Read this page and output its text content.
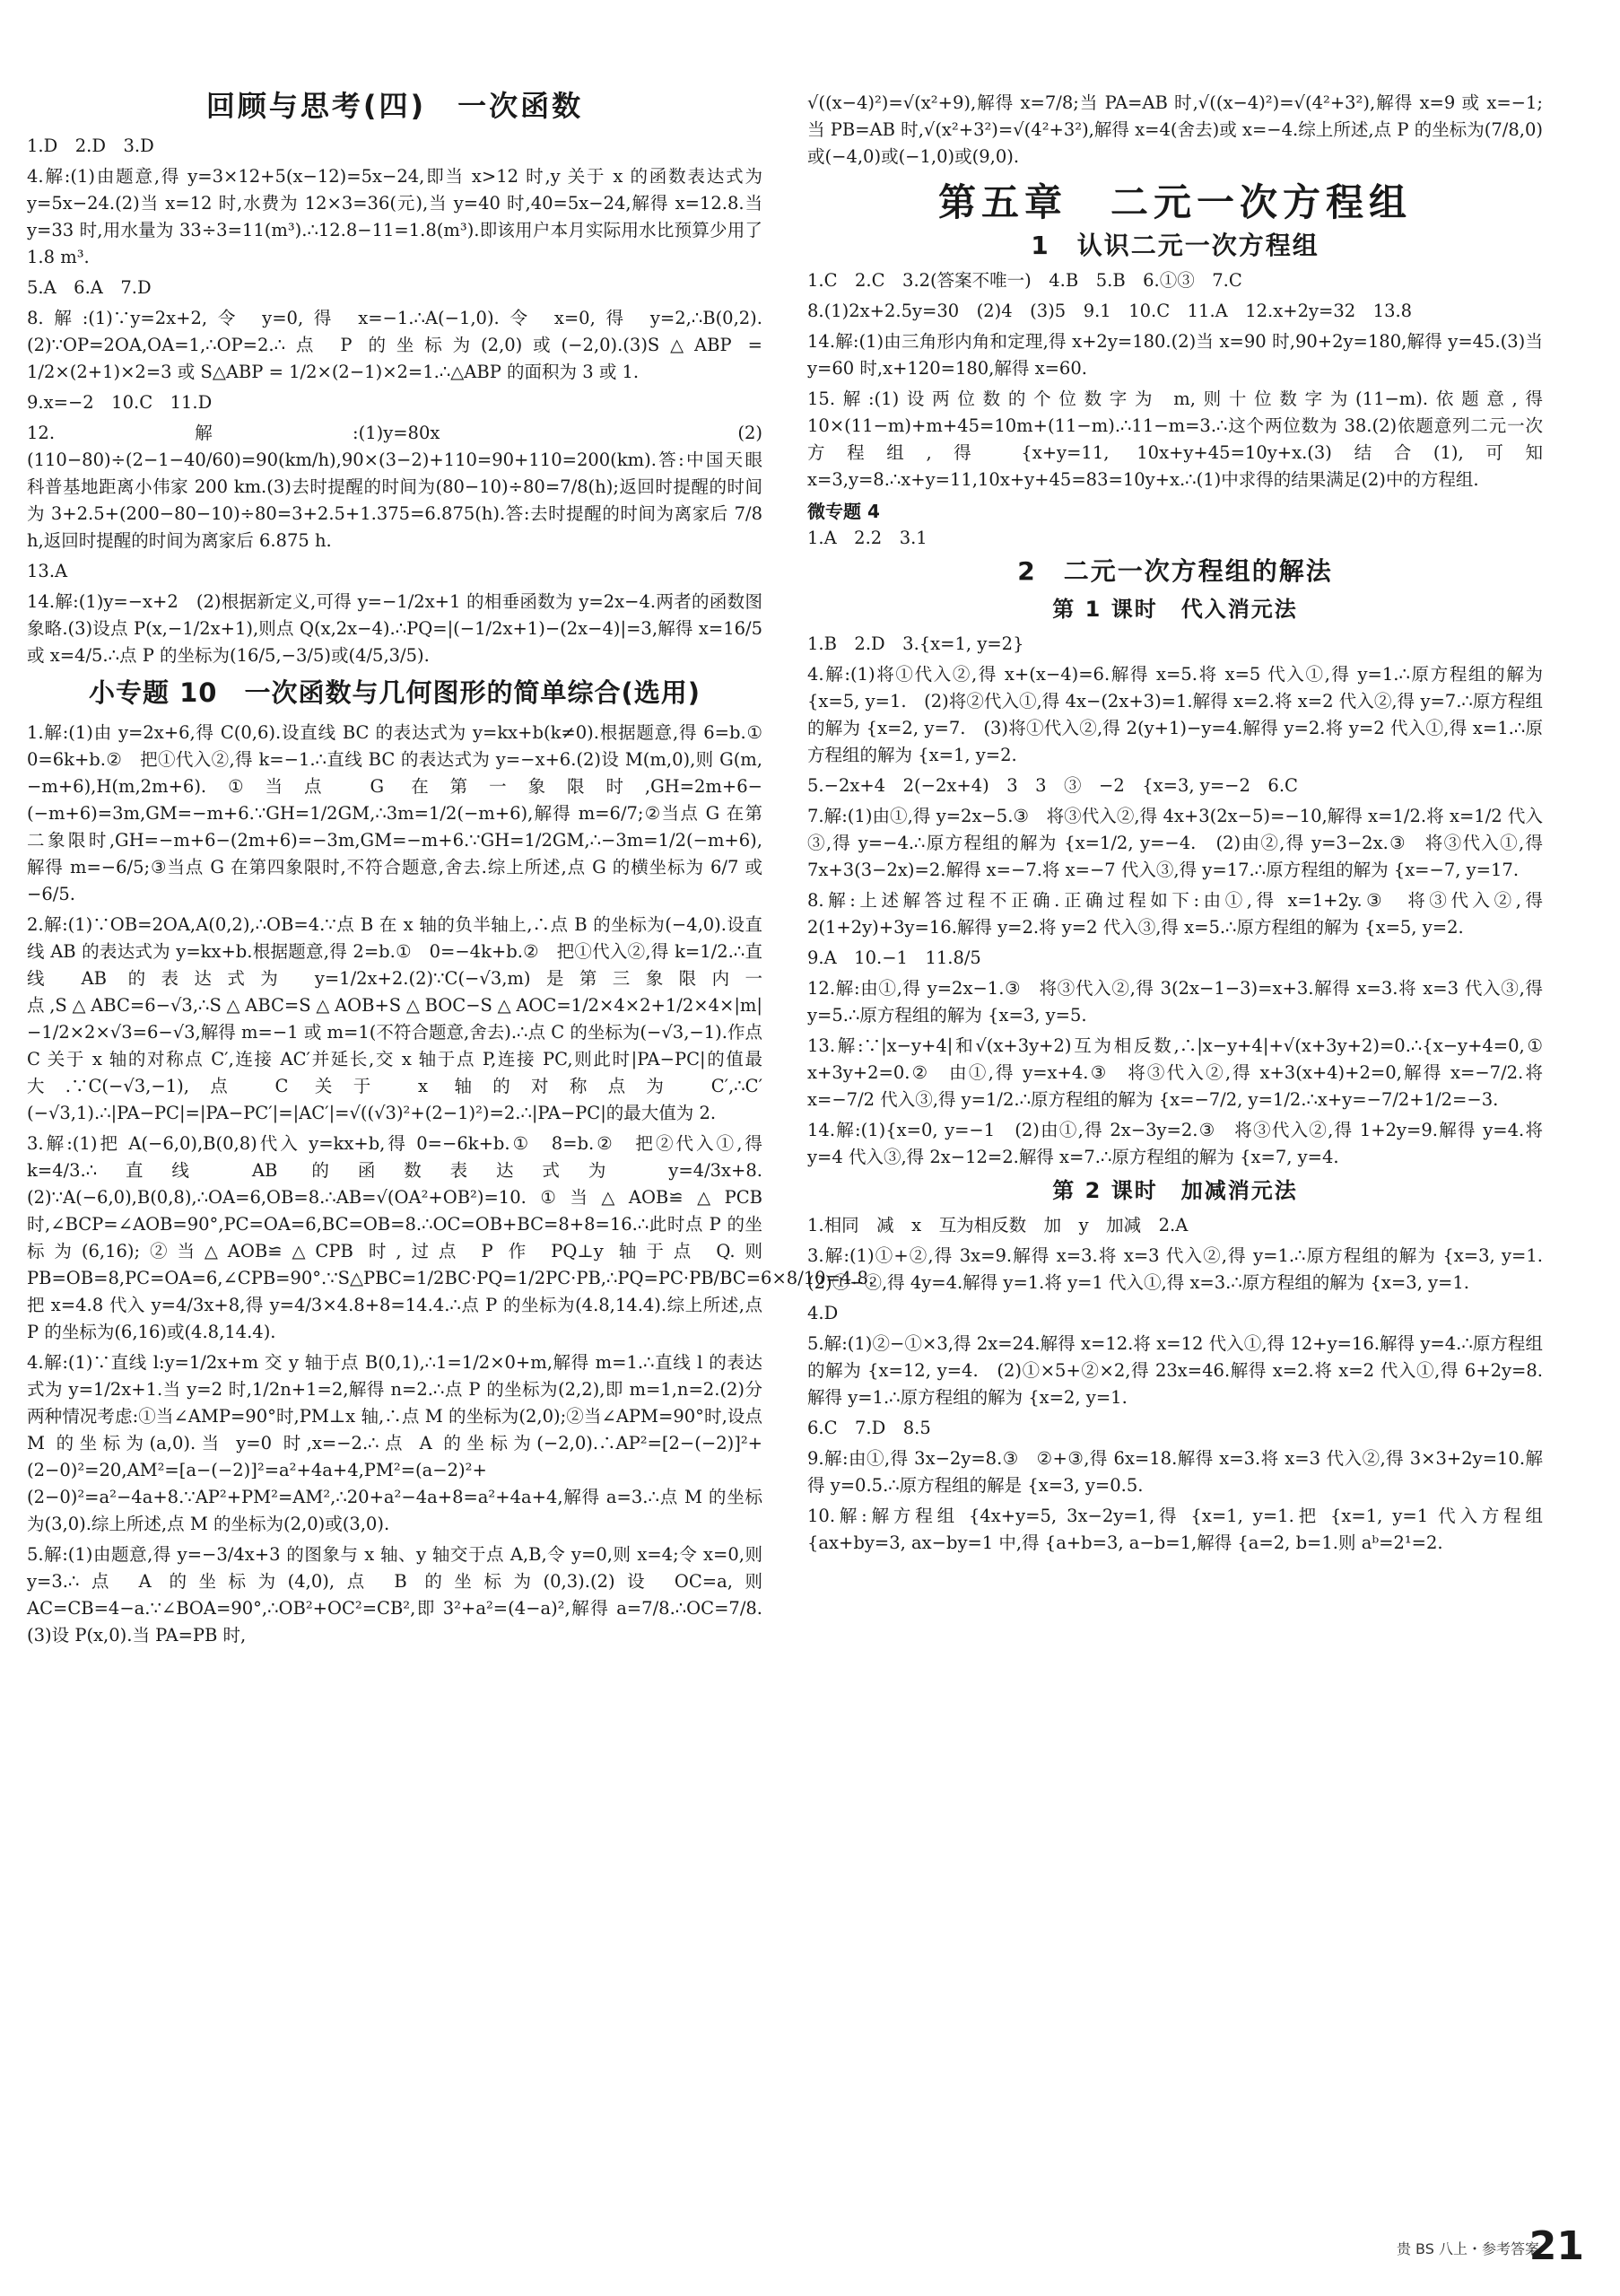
回顾与思考(四)　一次函数
1.D　2.D　3.D
4.解:(1)由题意,得 y=3×12+5(x−12)=5x−24,即当 x>12 时,y 关于 x 的函数表达式为 y=5x−24.(2)当 x=12 时,水费为 12×3=36(元),当 y=40 时,40=5x−24,解得 x=12.8.当 y=33 时,用水量为 33÷3=11(m³).∴12.8−11=1.8(m³).即该用户本月实际用水比预算少用了 1.8 m³.
5.A　6.A　7.D
8.解:(1)∵y=2x+2,令 y=0,得 x=−1.∴A(−1,0).令 x=0,得 y=2,∴B(0,2).(2)∵OP=2OA,OA=1,∴OP=2.∴点 P 的坐标为(2,0)或(−2,0).(3)S△ABP = 1/2×(2+1)×2=3 或 S△ABP = 1/2×(2−1)×2=1.∴△ABP 的面积为 3 或 1.
9.x=−2　10.C　11.D
12.解:(1)y=80x　(2)(110−80)÷(2−1−40/60)=90(km/h),90×(3−2)+110=90+110=200(km).答:中国天眼科普基地距离小伟家 200 km.(3)去时提醒的时间为(80−10)÷80=7/8(h);返回时提醒的时间为 3+2.5+(200−80−10)÷80=3+2.5+1.375=6.875(h).答:去时提醒的时间为离家后 7/8 h,返回时提醒的时间为离家后 6.875 h.
13.A
14.解:(1)y=−x+2　(2)根据新定义,可得 y=−1/2x+1 的相垂函数为 y=2x−4.两者的函数图象略.(3)设点 P(x,−1/2x+1),则点 Q(x,2x−4).∴PQ=|(−1/2x+1)−(2x−4)|=3,解得 x=16/5 或 x=4/5.∴点 P 的坐标为(16/5,−3/5)或(4/5,3/5).
小专题 10　一次函数与几何图形的简单综合(选用)
1.解:(1)由 y=2x+6,得 C(0,6).设直线 BC 的表达式为 y=kx+b(k≠0).根据题意,得 6=b.①　0=6k+b.②　把①代入②,得 k=−1.∴直线 BC 的表达式为 y=−x+6.(2)设 M(m,0),则 G(m,−m+6),H(m,2m+6).①当点 G 在第一象限时,GH=2m+6−(−m+6)=3m,GM=−m+6.∵GH=1/2GM,∴3m=1/2(−m+6),解得 m=6/7;②当点 G 在第二象限时,GH=−m+6−(2m+6)=−3m,GM=−m+6.∵GH=1/2GM,∴−3m=1/2(−m+6),解得 m=−6/5;③当点 G 在第四象限时,不符合题意,舍去.综上所述,点 G 的横坐标为 6/7 或 −6/5.
2.解:(1)∵OB=2OA,A(0,2),∴OB=4.∵点 B 在 x 轴的负半轴上,∴点 B 的坐标为(−4,0).设直线 AB 的表达式为 y=kx+b.根据题意,得 2=b.①　0=−4k+b.②　把①代入②,得 k=1/2.∴直线 AB 的表达式为 y=1/2x+2.(2)∵C(−√3,m)是第三象限内一点,S△ABC=6−√3,∴S△ABC=S△AOB+S△BOC−S△AOC=1/2×4×2+1/2×4×|m|−1/2×2×√3=6−√3,解得 m=−1 或 m=1(不符合题意,舍去).∴点 C 的坐标为(−√3,−1).作点 C 关于 x 轴的对称点 C′,连接 AC′并延长,交 x 轴于点 P,连接 PC,则此时|PA−PC|的值最大.∵C(−√3,−1),点 C 关于 x 轴的对称点为 C′,∴C′(−√3,1).∴|PA−PC|=|PA−PC′|=|AC′|=√((√3)²+(2−1)²)=2.∴|PA−PC|的最大值为 2.
3.解:(1)把 A(−6,0),B(0,8)代入 y=kx+b,得 0=−6k+b.①　8=b.②　把②代入①,得 k=4/3.∴直线 AB 的函数表达式为 y=4/3x+8.(2)∵A(−6,0),B(0,8),∴OA=6,OB=8.∴AB=√(OA²+OB²)=10.①当△AOB≌△PCB 时,∠BCP=∠AOB=90°,PC=OA=6,BC=OB=8.∴OC=OB+BC=8+8=16.∴此时点 P 的坐标为(6,16);②当△AOB≌△CPB 时,过点 P 作 PQ⊥y 轴于点 Q.则 PB=OB=8,PC=OA=6,∠CPB=90°.∵S△PBC=1/2BC·PQ=1/2PC·PB,∴PQ=PC·PB/BC=6×8/10=4.8.把 x=4.8 代入 y=4/3x+8,得 y=4/3×4.8+8=14.4.∴点 P 的坐标为(4.8,14.4).综上所述,点 P 的坐标为(6,16)或(4.8,14.4).
4.解:(1)∵直线 l:y=1/2x+m 交 y 轴于点 B(0,1),∴1=1/2×0+m,解得 m=1.∴直线 l 的表达式为 y=1/2x+1.当 y=2 时,1/2n+1=2,解得 n=2.∴点 P 的坐标为(2,2),即 m=1,n=2.(2)分两种情况考虑:①当∠AMP=90°时,PM⊥x 轴,∴点 M 的坐标为(2,0);②当∠APM=90°时,设点 M 的坐标为(a,0).当 y=0 时,x=−2.∴点 A 的坐标为(−2,0).∴AP²=[2−(−2)]²+(2−0)²=20,AM²=[a−(−2)]²=a²+4a+4,PM²=(a−2)²+(2−0)²=a²−4a+8.∵AP²+PM²=AM²,∴20+a²−4a+8=a²+4a+4,解得 a=3.∴点 M 的坐标为(3,0).综上所述,点 M 的坐标为(2,0)或(3,0).
5.解:(1)由题意,得 y=−3/4x+3 的图象与 x 轴、y 轴交于点 A,B,令 y=0,则 x=4;令 x=0,则 y=3.∴点 A 的坐标为(4,0),点 B 的坐标为(0,3).(2)设 OC=a,则 AC=CB=4−a.∵∠BOA=90°,∴OB²+OC²=CB²,即 3²+a²=(4−a)²,解得 a=7/8.∴OC=7/8.(3)设 P(x,0).当 PA=PB 时,
√((x−4)²)=√(x²+9),解得 x=7/8;当 PA=AB 时,√((x−4)²)=√(4²+3²),解得 x=9 或 x=−1;当 PB=AB 时,√(x²+3²)=√(4²+3²),解得 x=4(舍去)或 x=−4.综上所述,点 P 的坐标为(7/8,0)或(−4,0)或(−1,0)或(9,0).
第五章　二元一次方程组
1　认识二元一次方程组
1.C　2.C　3.2(答案不唯一)　4.B　5.B　6.①③　7.C
8.(1)2x+2.5y=30　(2)4　(3)5　9.1　10.C　11.A　12.x+2y=32　13.8
14.解:(1)由三角形内角和定理,得 x+2y=180.(2)当 x=90 时,90+2y=180,解得 y=45.(3)当 y=60 时,x+120=180,解得 x=60.
15.解:(1)设两位数的个位数字为 m,则十位数字为(11−m).依题意,得 10×(11−m)+m+45=10m+(11−m).∴11−m=3.∴这个两位数为 38.(2)依题意列二元一次方程组,得 {x+y=11, 10x+y+45=10y+x.(3)结合(1),可知 x=3,y=8.∴x+y=11,10x+y+45=83=10y+x.∴(1)中求得的结果满足(2)中的方程组.
微专题 4
1.A　2.2　3.1
2　二元一次方程组的解法
第 1 课时　代入消元法
1.B　2.D　3.{x=1, y=2}
4.解:(1)将①代入②,得 x+(x−4)=6.解得 x=5.将 x=5 代入①,得 y=1.∴原方程组的解为 {x=5, y=1.　(2)将②代入①,得 4x−(2x+3)=1.解得 x=2.将 x=2 代入②,得 y=7.∴原方程组的解为 {x=2, y=7.　(3)将①代入②,得 2(y+1)−y=4.解得 y=2.将 y=2 代入①,得 x=1.∴原方程组的解为 {x=1, y=2.
5.−2x+4　2(−2x+4)　3　3　③　−2　{x=3, y=−2　6.C
7.解:(1)由①,得 y=2x−5.③　将③代入②,得 4x+3(2x−5)=−10,解得 x=1/2.将 x=1/2 代入③,得 y=−4.∴原方程组的解为 {x=1/2, y=−4.　(2)由②,得 y=3−2x.③　将③代入①,得 7x+3(3−2x)=2.解得 x=−7.将 x=−7 代入③,得 y=17.∴原方程组的解为 {x=−7, y=17.
8.解:上述解答过程不正确.正确过程如下:由①,得 x=1+2y.③　将③代入②,得 2(1+2y)+3y=16.解得 y=2.将 y=2 代入③,得 x=5.∴原方程组的解为 {x=5, y=2.
9.A　10.−1　11.8/5
12.解:由①,得 y=2x−1.③　将③代入②,得 3(2x−1−3)=x+3.解得 x=3.将 x=3 代入③,得 y=5.∴原方程组的解为 {x=3, y=5.
13.解:∵|x−y+4|和√(x+3y+2)互为相反数,∴|x−y+4|+√(x+3y+2)=0.∴{x−y+4=0,① x+3y+2=0.②　由①,得 y=x+4.③　将③代入②,得 x+3(x+4)+2=0,解得 x=−7/2.将 x=−7/2 代入③,得 y=1/2.∴原方程组的解为 {x=−7/2, y=1/2.∴x+y=−7/2+1/2=−3.
14.解:(1){x=0, y=−1　(2)由①,得 2x−3y=2.③　将③代入②,得 1+2y=9.解得 y=4.将 y=4 代入③,得 2x−12=2.解得 x=7.∴原方程组的解为 {x=7, y=4.
第 2 课时　加减消元法
1.相同　减　x　互为相反数　加　y　加减　2.A
3.解:(1)①+②,得 3x=9.解得 x=3.将 x=3 代入②,得 y=1.∴原方程组的解为 {x=3, y=1.　(2)①−②,得 4y=4.解得 y=1.将 y=1 代入①,得 x=3.∴原方程组的解为 {x=3, y=1.
4.D
5.解:(1)②−①×3,得 2x=24.解得 x=12.将 x=12 代入①,得 12+y=16.解得 y=4.∴原方程组的解为 {x=12, y=4.　(2)①×5+②×2,得 23x=46.解得 x=2.将 x=2 代入①,得 6+2y=8.解得 y=1.∴原方程组的解为 {x=2, y=1.
6.C　7.D　8.5
9.解:由①,得 3x−2y=8.③　②+③,得 6x=18.解得 x=3.将 x=3 代入②,得 3×3+2y=10.解得 y=0.5.∴原方程组的解是 {x=3, y=0.5.
10.解:解方程组 {4x+y=5, 3x−2y=1,得 {x=1, y=1.把 {x=1, y=1 代入方程组 {ax+by=3, ax−by=1 中,得 {a+b=3, a−b=1,解得 {a=2, b=1.则 aᵇ=2¹=2.
贵 BS 八上・参考答案
21
